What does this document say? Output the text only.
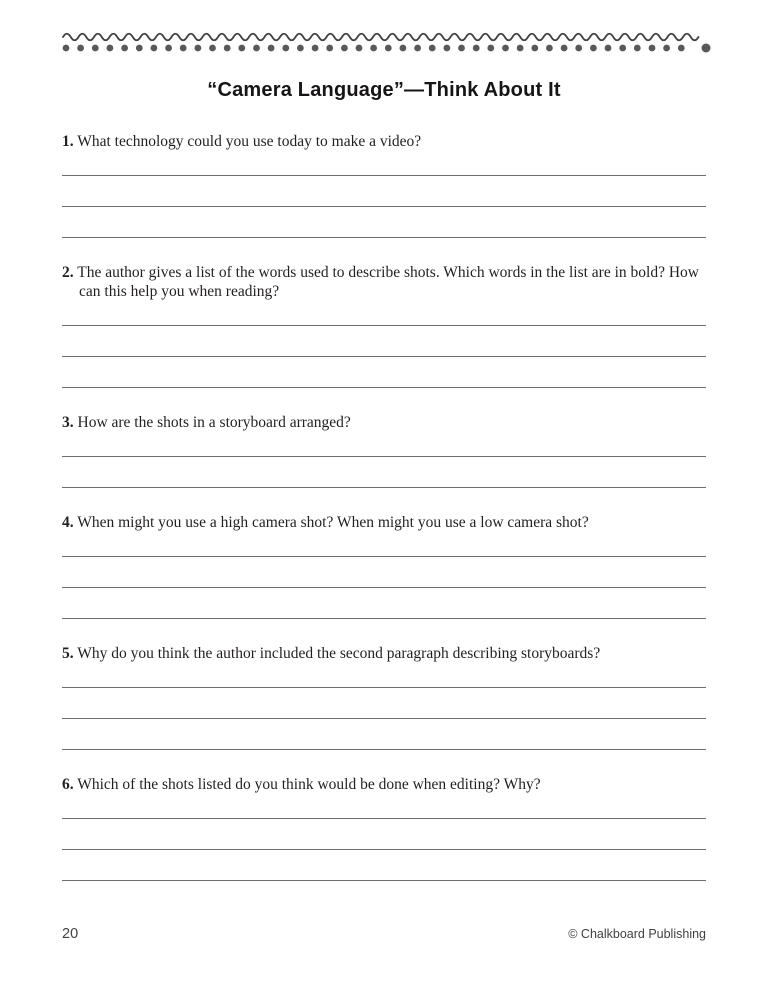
“Camera Language”—Think About It

1. What technology could you use today to make a video?

2. The author gives a list of the words used to describe shots. Which words in the list are in bold? How can this help you when reading?

3. How are the shots in a storyboard arranged?

4. When might you use a high camera shot? When might you use a low camera shot?

5. Why do you think the author included the second paragraph describing storyboards?

6. Which of the shots listed do you think would be done when editing? Why?

20	© Chalkboard Publishing
